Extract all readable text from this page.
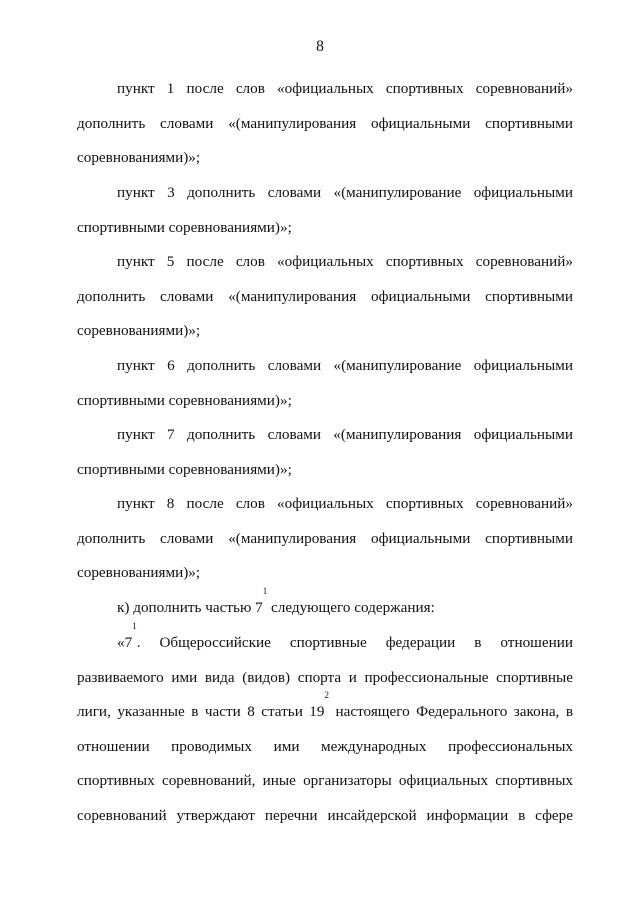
8

пункт 1 после слов «официальных спортивных соревнований» дополнить словами «(манипулирования официальными спортивными соревнованиями)»;

пункт 3 дополнить словами «(манипулирование официальными спортивными соревнованиями)»;

пункт 5 после слов «официальных спортивных соревнований» дополнить словами «(манипулирования официальными спортивными соревнованиями)»;

пункт 6 дополнить словами «(манипулирование официальными спортивными соревнованиями)»;

пункт 7 дополнить словами «(манипулирования официальными спортивными соревнованиями)»;

пункт 8 после слов «официальных спортивных соревнований» дополнить словами «(манипулирования официальными спортивными соревнованиями)»;

к) дополнить частью $7^1$ следующего содержания:

«$7^1$. Общероссийские спортивные федерации в отношении развиваемого ими вида (видов) спорта и профессиональные спортивные лиги, указанные в части 8 статьи $19^2$ настоящего Федерального закона, в отношении проводимых ими международных профессиональных спортивных соревнований, иные организаторы официальных спортивных соревнований утверждают перечни инсайдерской информации в сфере
